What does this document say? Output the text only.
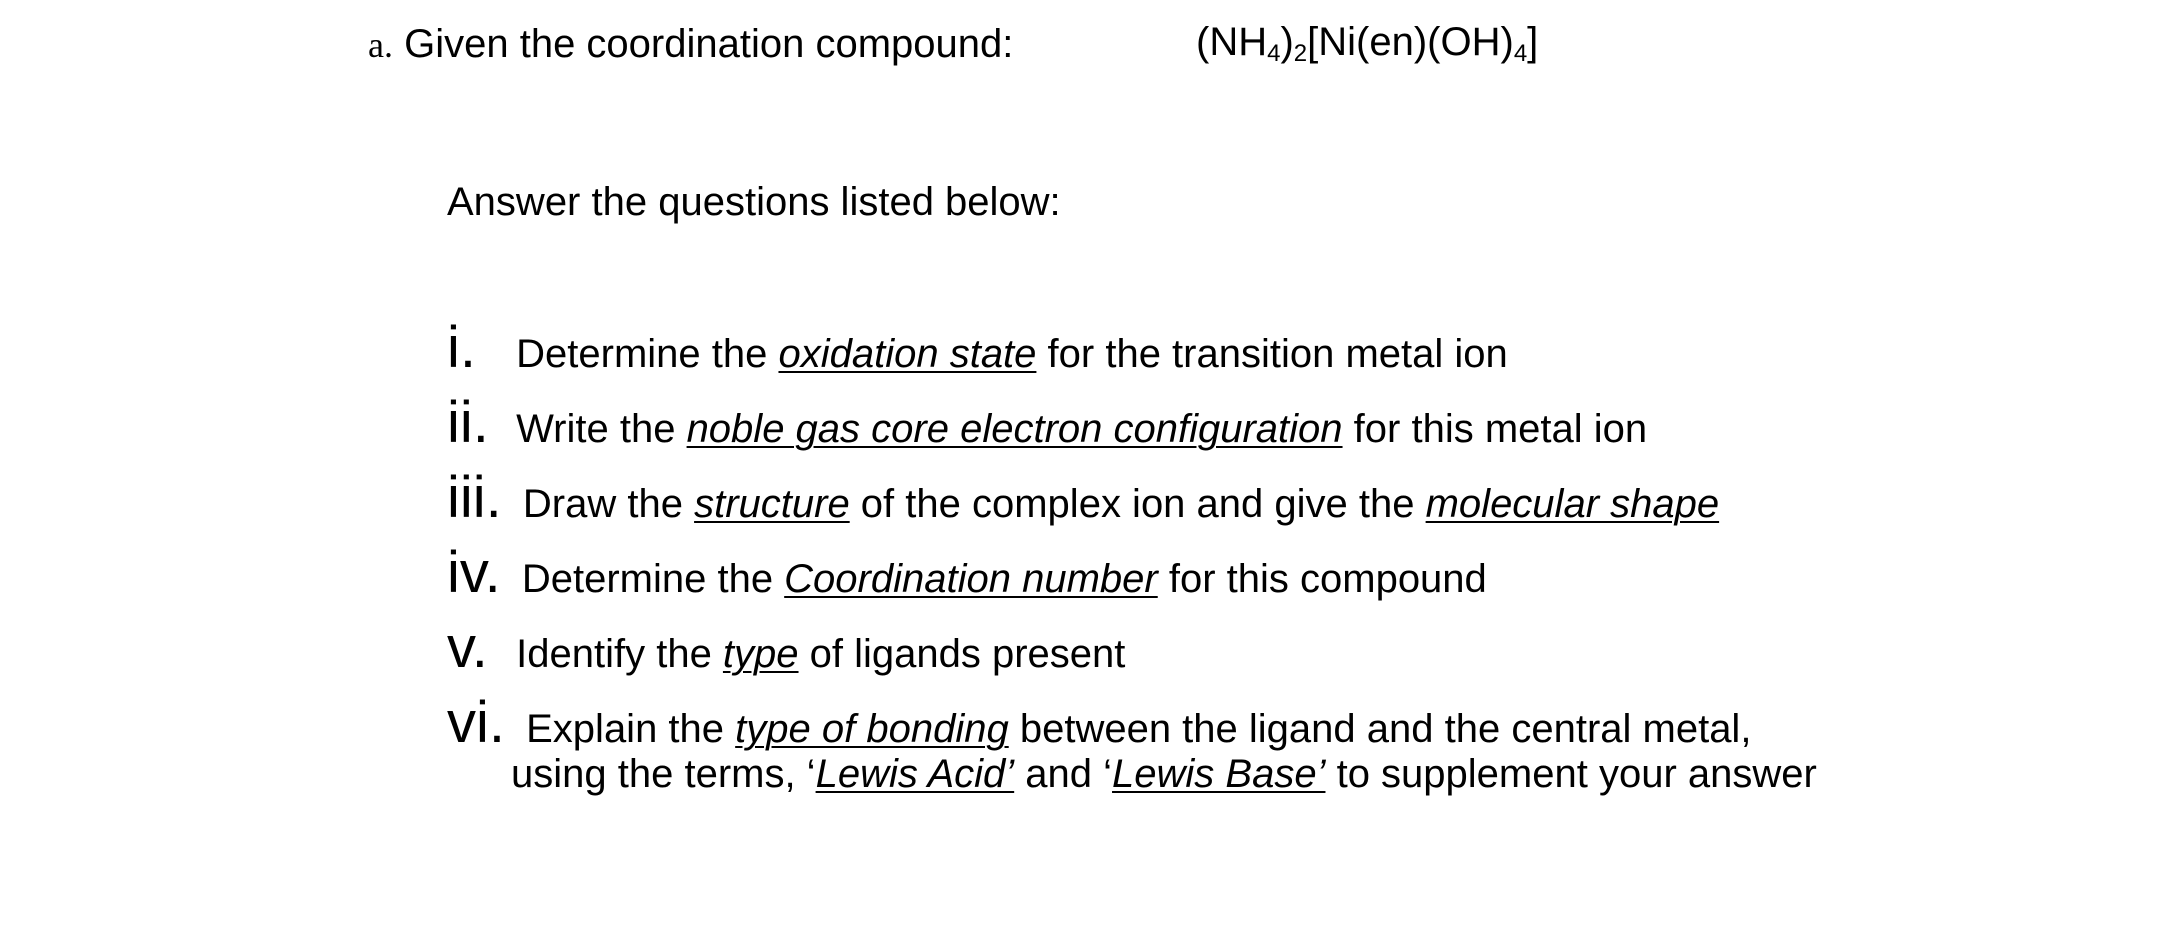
a. Given the coordination compound:	$(NH_4)_2[Ni(en)(OH)_4]$
Answer the questions listed below:
i. Determine the oxidation state for the transition metal ion
ii. Write the noble gas core electron configuration for this metal ion
iii. Draw the structure of the complex ion and give the molecular shape
iv. Determine the Coordination number for this compound
v. Identify the type of ligands present
vi. Explain the type of bonding between the ligand and the central metal,
using the terms, ‘Lewis Acid’ and ‘Lewis Base’ to supplement your answer
